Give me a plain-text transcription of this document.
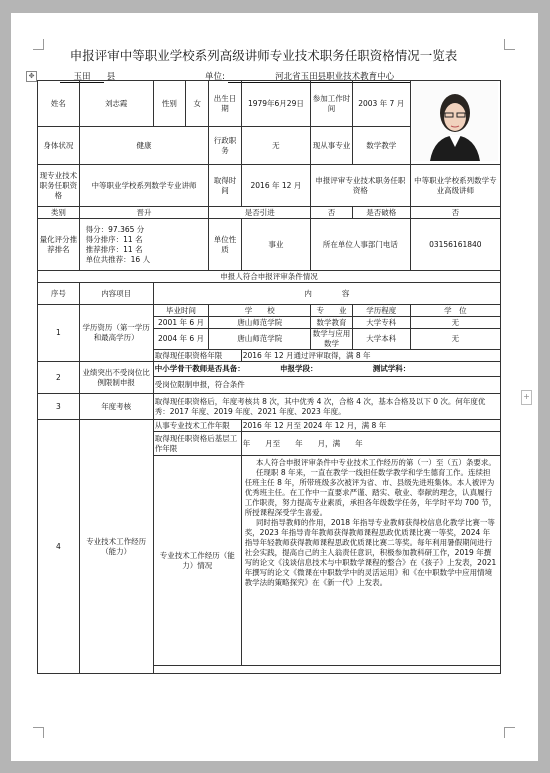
申报评审中等职业学校系列高级讲师专业技术职务任职资格情况一览表
✥	玉田 县	单位:	河北省玉田县职业技术教育中心
姓名	刘志霞	性别	女	出生日期	1979年6月29日	参加工作时间	2003 年 7 月	
身体状况	健康			行政职务	无	现从事专业	数学教学	
现专业技术职务任职资格	中等职业学校系列数学专业讲师			取得时间	2016 年 12 月	申报评审专业技术职务任职资格		中等职业学校系列数学专业高级讲师
类别	晋升			是否引进		否	是否破格	否
量化评分推荐排名	得分：97.365 分
得分排序：11 名
推荐排序：11 名
单位共推荐：16 人			单位性质	事业	所在单位人事部门电话		03156161840
申报人符合申报评审条件情况								
序号	内容项目	内　　　　容						
1	学历资历（第一学历和最高学历）	毕业时间		学　　校		专　　业	学历程度	学　位
		2001 年 6 月		唐山师范学院		数学教育	大学专科	无
		2004 年 6 月		唐山师范学院		数学与应用数学	大学本科	无
		取得现任职资格年限			2016 年 12 月通过评审取得，满 8 年			
2	业绩突出不受岗位比例限制申报	中小学骨干教师是否具备： 申报学段： 测试学科：						
		受岗位限制申报，符合条件						
3	年度考核	取得现任职资格后，年度考核共 8 次，其中优秀 4 次，合格 4 次，基本合格及以下 0 次。何年度优秀：2017 年度、2019 年度、2021 年度、2023 年度。						
4	专业技术工作经历（能力）	从事专业技术工作年限			2016 年 12 月至 2024 年 12 月，满 8 年			
		取得现任职资格后基层工作年限			年　　月至　　年　　月，满　　年			
		专业技术工作经历（能力）情况			本人符合申报评审条件中专业技术工作经历的第（一）至（五）条要求。
任现职 8 年来，一直在教学一线担任数学教学和学生德育工作。连续担任班主任 8 年，所带班级多次被评为省、市、县级先进班集体。本人被评为优秀班主任。在工作中一直要求严谨、踏实、敬业、奉献的理念，认真履行工作职责，努力提高专业素质，承担各年级数学任务，年学时平均 700 节，所授课程深受学生喜爱。
同时指导教师的作用，2018 年指导专业教师获得校信息化教学比赛一等奖，2023 年指导青年教师获得教师课程思政优质课比赛一等奖，2024 年指导年轻教师获得教师课程思政优质课比赛二等奖。每年利用暑假期间进行社会实践，提高自己的主人翁责任意识，积极参加教科研工作，2019 年撰写的论文《浅谈信息技术与中职数学课程的整合》在《孩子》上发表，2021 年撰写的论文《微课在中职数学中的灵活运用》和《在中职数学中应用情境教学法的策略探究》在《新一代》上发表。			

+
